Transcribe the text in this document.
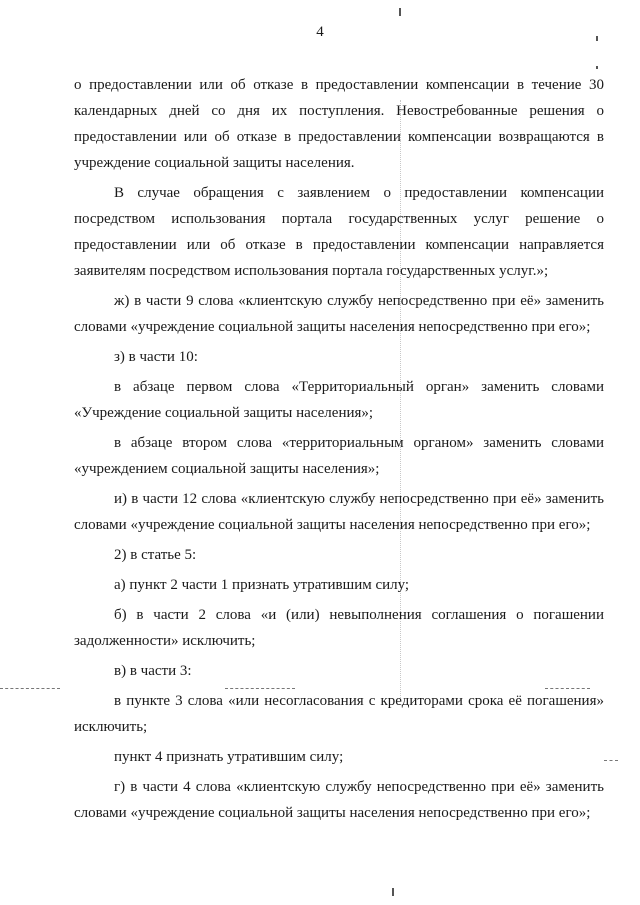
4

о предоставлении или об отказе в предоставлении компенсации в течение 30 календарных дней со дня их поступления. Невостребованные решения о предоставлении или об отказе в предоставлении компенсации возвращаются в учреждение социальной защиты населения.

В случае обращения с заявлением о предоставлении компенсации посредством использования портала государственных услуг решение о предоставлении или об отказе в предоставлении компенсации направляется заявителям посредством использования портала государственных услуг.»;

ж) в части 9 слова «клиентскую службу непосредственно при её» заменить словами «учреждение социальной защиты населения непосредственно при его»;

з) в части 10:

в абзаце первом слова «Территориальный орган» заменить словами «Учреждение социальной защиты населения»;

в абзаце втором слова «территориальным органом» заменить словами «учреждением социальной защиты населения»;

и) в части 12 слова «клиентскую службу непосредственно при её» заменить словами «учреждение социальной защиты населения непосредственно при его»;

2) в статье 5:

а) пункт 2 части 1 признать утратившим силу;

б) в части 2 слова «и (или) невыполнения соглашения о погашении задолженности» исключить;

в) в части 3:

в пункте 3 слова «или несогласования с кредиторами срока её погашения» исключить;

пункт 4 признать утратившим силу;

г) в части 4 слова «клиентскую службу непосредственно при её» заменить словами «учреждение социальной защиты населения непосредственно при его»;
